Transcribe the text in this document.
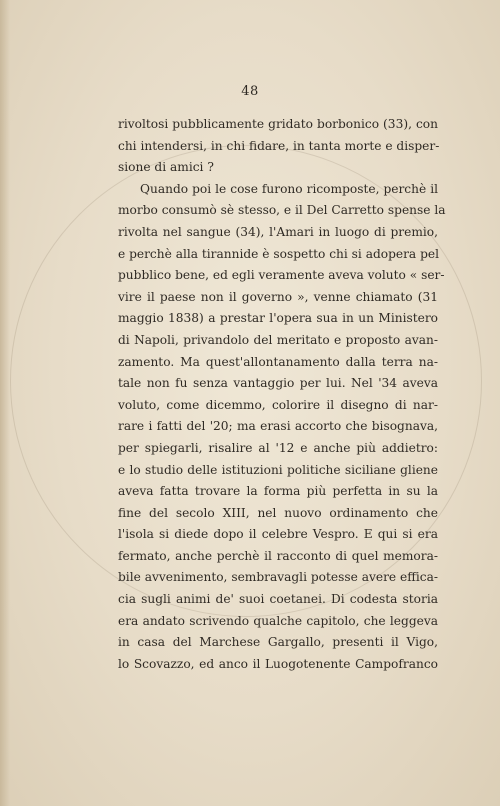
48
rivoltosi pubblicamente gridato borbonico (33), con
chi intendersi, in chi fidare, in tanta morte e disper-
sione di amici ?
Quando poi le cose furono ricomposte, perchè il
morbo consumò sè stesso, e il Del Carretto spense la
rivolta nel sangue (34), l'Amari in luogo di premio,
e perchè alla tirannide è sospetto chi si adopera pel
pubblico bene, ed egli veramente aveva voluto « ser-
vire il paese non il governo », venne chiamato (31
maggio 1838) a prestar l'opera sua in un Ministero
di Napoli, privandolo del meritato e proposto avan-
zamento. Ma quest'allontanamento dalla terra na-
tale non fu senza vantaggio per lui. Nel '34 aveva
voluto, come dicemmo, colorire il disegno di nar-
rare i fatti del '20; ma erasi accorto che bisognava,
per spiegarli, risalire al '12 e anche più addietro:
e lo studio delle istituzioni politiche siciliane gliene
aveva fatta trovare la forma più perfetta in su la
fine del secolo XIII, nel nuovo ordinamento che
l'isola si diede dopo il celebre Vespro. E qui si era
fermato, anche perchè il racconto di quel memora-
bile avvenimento, sembravagli potesse avere effica-
cia sugli animi de' suoi coetanei. Di codesta storia
era andato scrivendo qualche capitolo, che leggeva
in casa del Marchese Gargallo, presenti il Vigo,
lo Scovazzo, ed anco il Luogotenente Campofranco
